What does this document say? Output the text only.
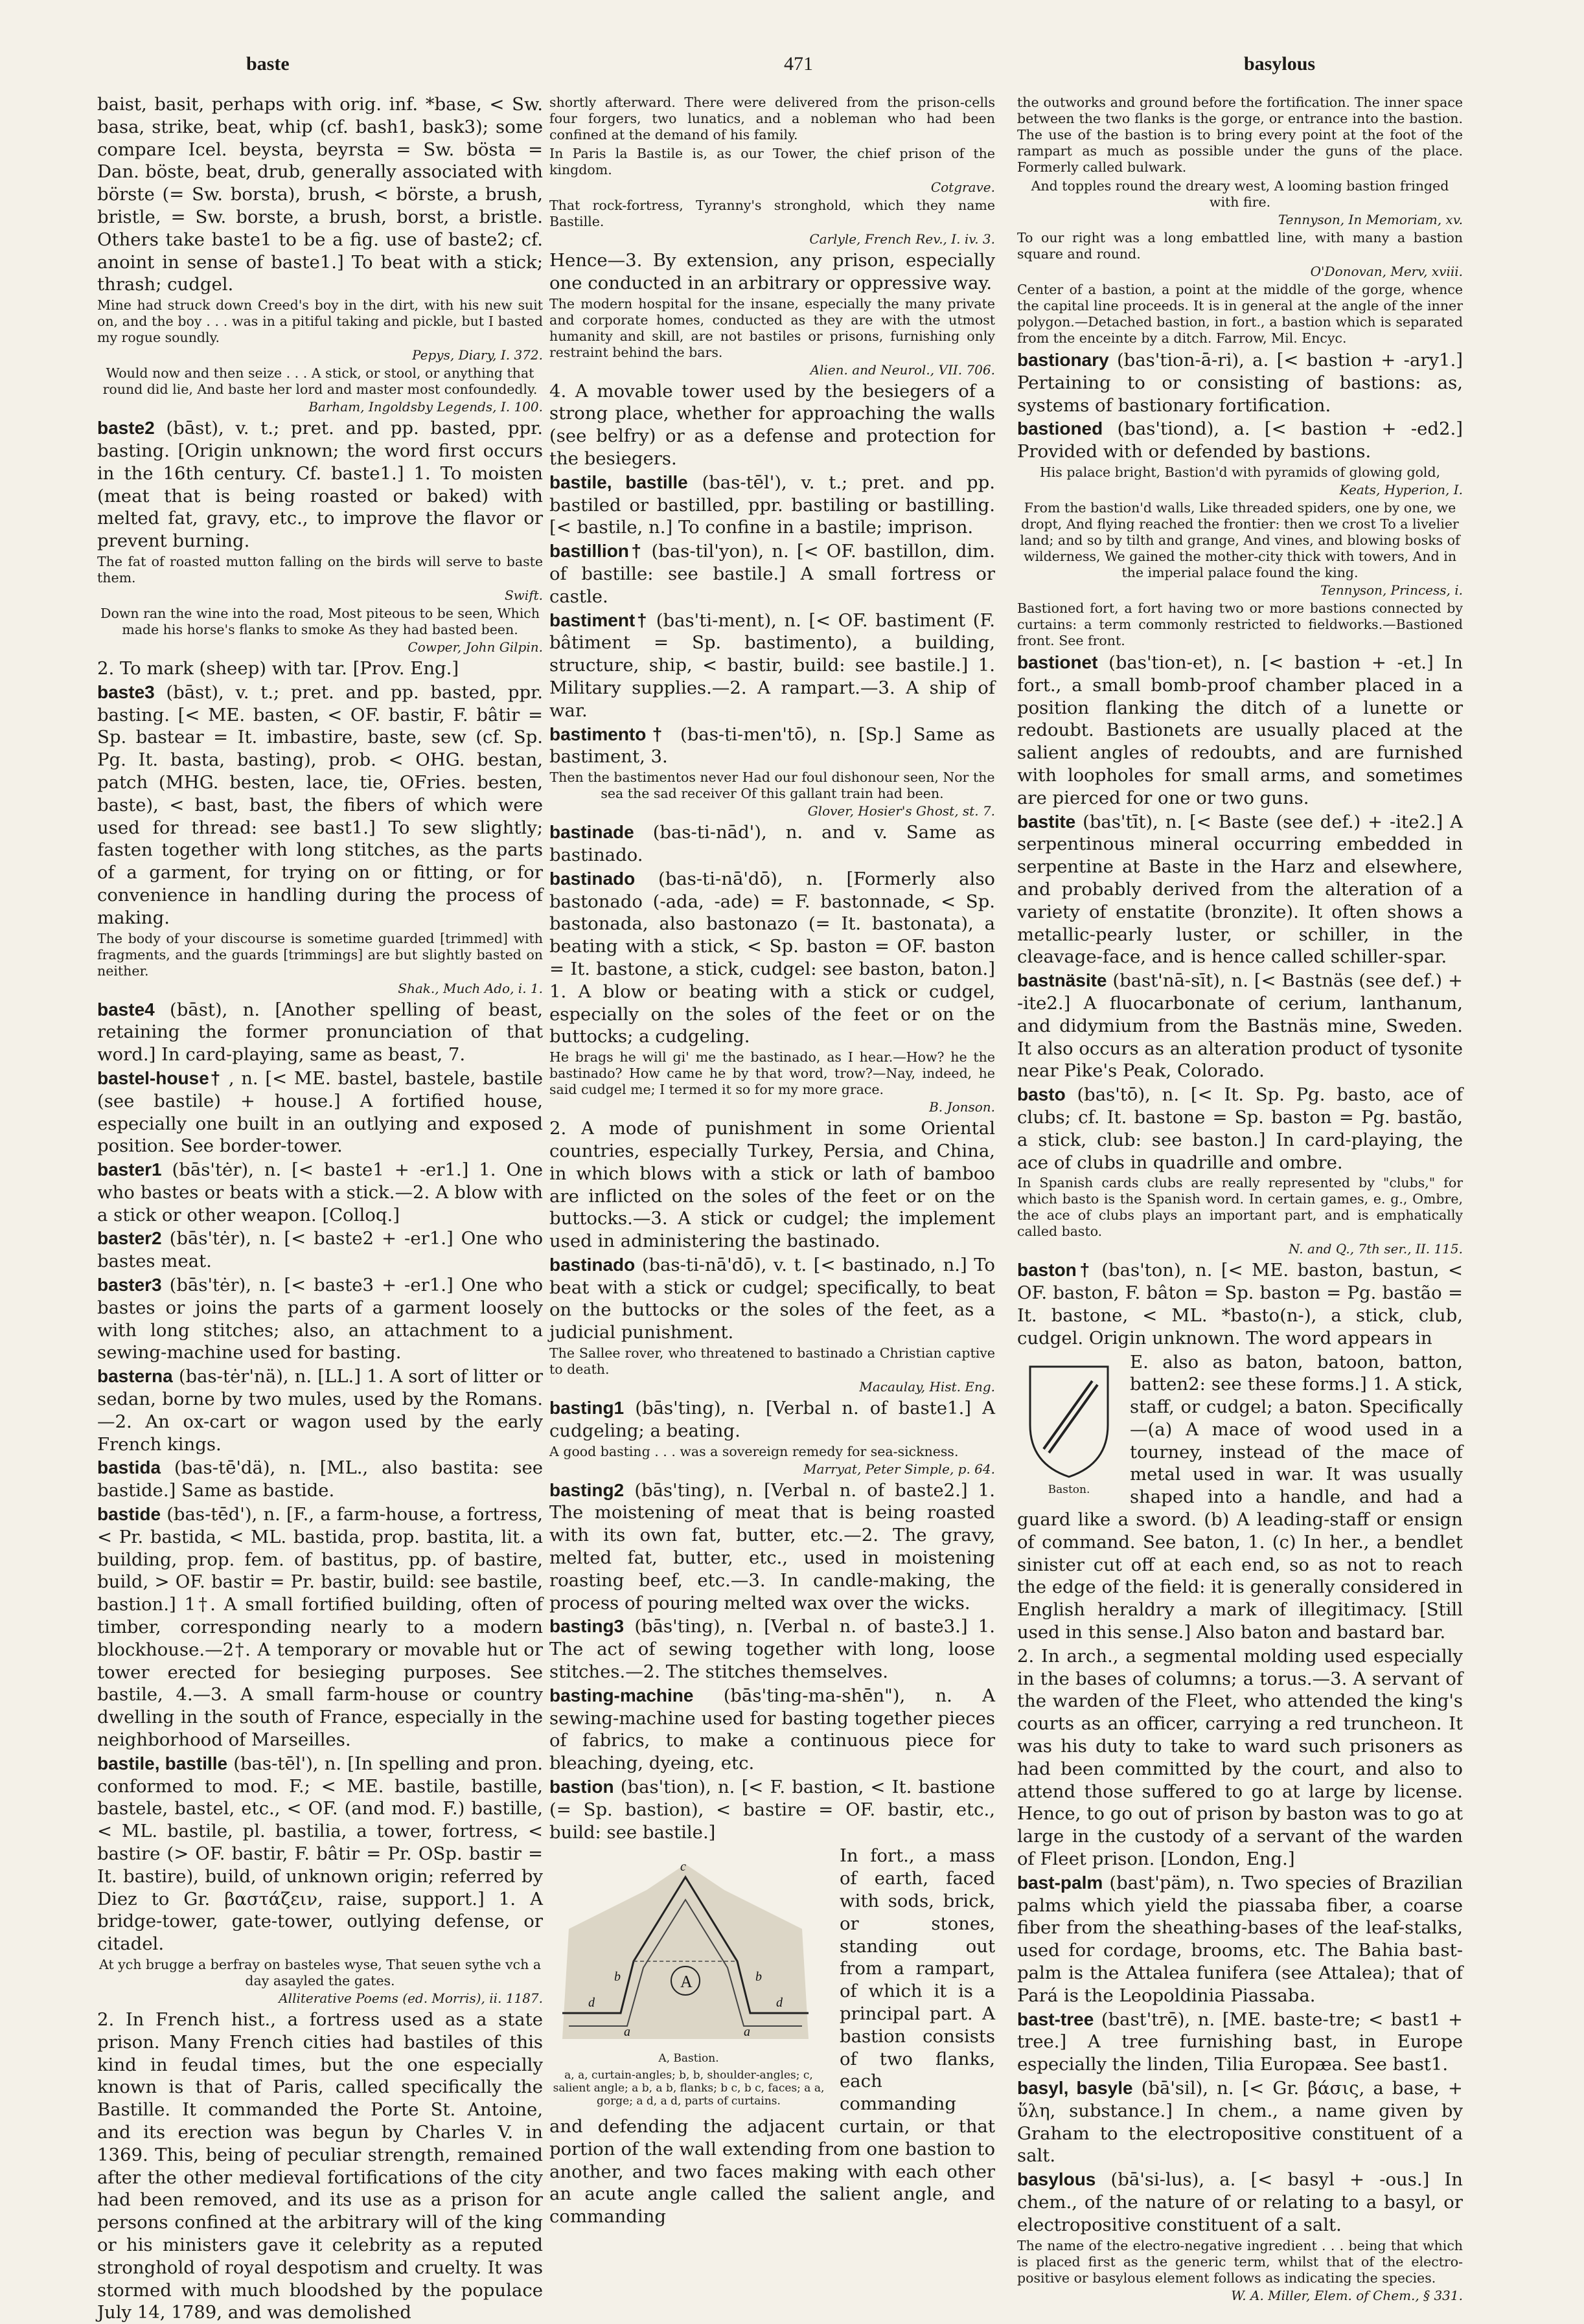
baste	471	basylous

baist, basit, perhaps with orig. inf. *base, < Sw. basa, strike, beat, whip (cf. bash1, bask3); some compare Icel. beysta, beyrsta = Sw. bösta = Dan. böste, beat, drub, generally associated with börste (= Sw. borsta), brush, < börste, a brush, bristle, = Sw. borste, a brush, borst, a bristle. Others take baste1 to be a fig. use of baste2; cf. anoint in sense of baste1.] To beat with a stick; thrash; cudgel.

Mine had struck down Creed's boy in the dirt, with his new suit on, and the boy . . . was in a pitiful taking and pickle, but I basted my rogue soundly.

Pepys, Diary, I. 372.

Would now and then seize . . . A stick, or stool, or anything that round did lie, And baste her lord and master most confoundedly.

Barham, Ingoldsby Legends, I. 100.

baste2 (bāst), v. t.; pret. and pp. basted, ppr. basting. [Origin unknown; the word first occurs in the 16th century. Cf. baste1.] 1. To moisten (meat that is being roasted or baked) with melted fat, gravy, etc., to improve the flavor or prevent burning.

The fat of roasted mutton falling on the birds will serve to baste them.

Swift.

Down ran the wine into the road, Most piteous to be seen, Which made his horse's flanks to smoke As they had basted been.

Cowper, John Gilpin.

2. To mark (sheep) with tar. [Prov. Eng.]

baste3 (bāst), v. t.; pret. and pp. basted, ppr. basting. [< ME. basten, < OF. bastir, F. bâtir = Sp. bastear = It. imbastire, baste, sew (cf. Sp. Pg. It. basta, basting), prob. < OHG. bestan, patch (MHG. besten, lace, tie, OFries. besten, baste), < bast, bast, the fibers of which were used for thread: see bast1.] To sew slightly; fasten together with long stitches, as the parts of a garment, for trying on or fitting, or for convenience in handling during the process of making.

The body of your discourse is sometime guarded [trimmed] with fragments, and the guards [trimmings] are but slightly basted on neither.

Shak., Much Ado, i. 1.

baste4 (bāst), n. [Another spelling of beast, retaining the former pronunciation of that word.] In card-playing, same as beast, 7.

bastel-house† , n. [< ME. bastel, bastele, bastile (see bastile) + house.] A fortified house, especially one built in an outlying and exposed position. See border-tower.

baster1 (bās'tėr), n. [< baste1 + -er1.] 1. One who bastes or beats with a stick.—2. A blow with a stick or other weapon. [Colloq.]

baster2 (bās'tėr), n. [< baste2 + -er1.] One who bastes meat.

baster3 (bās'tėr), n. [< baste3 + -er1.] One who bastes or joins the parts of a garment loosely with long stitches; also, an attachment to a sewing-machine used for basting.

basterna (bas-tėr'nä), n. [LL.] 1. A sort of litter or sedan, borne by two mules, used by the Romans.—2. An ox-cart or wagon used by the early French kings.

bastida (bas-tē'dä), n. [ML., also bastita: see bastide.] Same as bastide.

bastide (bas-tēd'), n. [F., a farm-house, a fortress, < Pr. bastida, < ML. bastida, prop. bastita, lit. a building, prop. fem. of bastitus, pp. of bastire, build, > OF. bastir = Pr. bastir, build: see bastile, bastion.] 1†. A small fortified building, often of timber, corresponding nearly to a modern blockhouse.—2†. A temporary or movable hut or tower erected for besieging purposes. See bastile, 4.—3. A small farm-house or country dwelling in the south of France, especially in the neighborhood of Marseilles.

bastile, bastille (bas-tēl'), n. [In spelling and pron. conformed to mod. F.; < ME. bastile, bastille, bastele, bastel, etc., < OF. (and mod. F.) bastille, < ML. bastile, pl. bastilia, a tower, fortress, < bastire (> OF. bastir, F. bâtir = Pr. OSp. bastir = It. bastire), build, of unknown origin; referred by Diez to Gr. βαστάζειν, raise, support.] 1. A bridge-tower, gate-tower, outlying defense, or citadel.

At ych brugge a berfray on basteles wyse, That seuen sythe vch a day asayled the gates.

Alliterative Poems (ed. Morris), ii. 1187.

2. In French hist., a fortress used as a state prison. Many French cities had bastiles of this kind in feudal times, but the one especially known is that of Paris, called specifically the Bastille. It commanded the Porte St. Antoine, and its erection was begun by Charles V. in 1369. This, being of peculiar strength, remained after the other medieval fortifications of the city had been removed, and its use as a prison for persons confined at the arbitrary will of the king or his ministers gave it celebrity as a reputed stronghold of royal despotism and cruelty. It was stormed with much bloodshed by the populace July 14, 1789, and was demolished

shortly afterward. There were delivered from the prison-cells four forgers, two lunatics, and a nobleman who had been confined at the demand of his family.

In Paris la Bastile is, as our Tower, the chief prison of the kingdom.

Cotgrave.

That rock-fortress, Tyranny's stronghold, which they name Bastille.

Carlyle, French Rev., I. iv. 3.

Hence—3. By extension, any prison, especially one conducted in an arbitrary or oppressive way.

The modern hospital for the insane, especially the many private and corporate homes, conducted as they are with the utmost humanity and skill, are not bastiles or prisons, furnishing only restraint behind the bars.

Alien. and Neurol., VII. 706.

4. A movable tower used by the besiegers of a strong place, whether for approaching the walls (see belfry) or as a defense and protection for the besiegers.

bastile, bastille (bas-tēl'), v. t.; pret. and pp. bastiled or bastilled, ppr. bastiling or bastilling. [< bastile, n.] To confine in a bastile; imprison.

bastillion† (bas-til'yon), n. [< OF. bastillon, dim. of bastille: see bastile.] A small fortress or castle.

bastiment† (bas'ti-ment), n. [< OF. bastiment (F. bâtiment = Sp. bastimento), a building, structure, ship, < bastir, build: see bastile.] 1. Military supplies.—2. A rampart.—3. A ship of war.

bastimento† (bas-ti-men'tō), n. [Sp.] Same as bastiment, 3.

Then the bastimentos never Had our foul dishonour seen, Nor the sea the sad receiver Of this gallant train had been.

Glover, Hosier's Ghost, st. 7.

bastinade (bas-ti-nād'), n. and v. Same as bastinado.

bastinado (bas-ti-nā'dō), n. [Formerly also bastonado (-ada, -ade) = F. bastonnade, < Sp. bastonada, also bastonazo (= It. bastonata), a beating with a stick, < Sp. baston = OF. baston = It. bastone, a stick, cudgel: see baston, baton.] 1. A blow or beating with a stick or cudgel, especially on the soles of the feet or on the buttocks; a cudgeling.

He brags he will gi' me the bastinado, as I hear.—How? he the bastinado? How came he by that word, trow?—Nay, indeed, he said cudgel me; I termed it so for my more grace.

B. Jonson.

2. A mode of punishment in some Oriental countries, especially Turkey, Persia, and China, in which blows with a stick or lath of bamboo are inflicted on the soles of the feet or on the buttocks.—3. A stick or cudgel; the implement used in administering the bastinado.

bastinado (bas-ti-nā'dō), v. t. [< bastinado, n.] To beat with a stick or cudgel; specifically, to beat on the buttocks or the soles of the feet, as a judicial punishment.

The Sallee rover, who threatened to bastinado a Christian captive to death.

Macaulay, Hist. Eng.

basting1 (bās'ting), n. [Verbal n. of baste1.] A cudgeling; a beating.

A good basting . . . was a sovereign remedy for sea-sickness.

Marryat, Peter Simple, p. 64.

basting2 (bās'ting), n. [Verbal n. of baste2.] 1. The moistening of meat that is being roasted with its own fat, butter, etc.—2. The gravy, melted fat, butter, etc., used in moistening roasting beef, etc.—3. In candle-making, the process of pouring melted wax over the wicks.

basting3 (bās'ting), n. [Verbal n. of baste3.] 1. The act of sewing together with long, loose stitches.—2. The stitches themselves.

basting-machine (bās'ting-ma-shēn"), n. A sewing-machine used for basting together pieces of fabrics, to make a continuous piece for bleaching, dyeing, etc.

bastion (bas'tion), n. [< F. bastion, < It. bastione (= Sp. bastion), < bastire = OF. bastir, etc., build: see bastile.]

A
a	a
b	b
c
d	d
A, Bastion.
a, a, curtain-angles; b, b, shoulder-angles; c, salient angle; a b, a b, flanks; b c, b c, faces; a a, gorge; a d, a d, parts of curtains.

In fort., a mass of earth, faced with sods, brick, or stones, standing out from a rampart, of which it is a principal part. A bastion consists of two flanks, each commanding and defending the adjacent curtain, or that portion of the wall extending from one bastion to another, and two faces making with each other an acute angle called the salient angle, and commanding

the outworks and ground before the fortification. The inner space between the two flanks is the gorge, or entrance into the bastion. The use of the bastion is to bring every point at the foot of the rampart as much as possible under the guns of the place. Formerly called bulwark.

And topples round the dreary west, A looming bastion fringed with fire.

Tennyson, In Memoriam, xv.

To our right was a long embattled line, with many a bastion square and round.

O'Donovan, Merv, xviii.

Center of a bastion, a point at the middle of the gorge, whence the capital line proceeds. It is in general at the angle of the inner polygon.—Detached bastion, in fort., a bastion which is separated from the enceinte by a ditch. Farrow, Mil. Encyc.

bastionary (bas'tion-ā-ri), a. [< bastion + -ary1.] Pertaining to or consisting of bastions: as, systems of bastionary fortification.

bastioned (bas'tiond), a. [< bastion + -ed2.] Provided with or defended by bastions.

His palace bright, Bastion'd with pyramids of glowing gold,

Keats, Hyperion, I.

From the bastion'd walls, Like threaded spiders, one by one, we dropt, And flying reached the frontier: then we crost To a livelier land; and so by tilth and grange, And vines, and blowing bosks of wilderness, We gained the mother-city thick with towers, And in the imperial palace found the king.

Tennyson, Princess, i.

Bastioned fort, a fort having two or more bastions connected by curtains: a term commonly restricted to fieldworks.—Bastioned front. See front.

bastionet (bas'tion-et), n. [< bastion + -et.] In fort., a small bomb-proof chamber placed in a position flanking the ditch of a lunette or redoubt. Bastionets are usually placed at the salient angles of redoubts, and are furnished with loopholes for small arms, and sometimes are pierced for one or two guns.

bastite (bas'tīt), n. [< Baste (see def.) + -ite2.] A serpentinous mineral occurring embedded in serpentine at Baste in the Harz and elsewhere, and probably derived from the alteration of a variety of enstatite (bronzite). It often shows a metallic-pearly luster, or schiller, in the cleavage-face, and is hence called schiller-spar.

bastnäsite (bast'nā-sīt), n. [< Bastnäs (see def.) + -ite2.] A fluocarbonate of cerium, lanthanum, and didymium from the Bastnäs mine, Sweden. It also occurs as an alteration product of tysonite near Pike's Peak, Colorado.

basto (bas'tō), n. [< It. Sp. Pg. basto, ace of clubs; cf. It. bastone = Sp. baston = Pg. bastão, a stick, club: see baston.] In card-playing, the ace of clubs in quadrille and ombre.

In Spanish cards clubs are really represented by "clubs," for which basto is the Spanish word. In certain games, e. g., Ombre, the ace of clubs plays an important part, and is emphatically called basto.

N. and Q., 7th ser., II. 115.

baston† (bas'ton), n. [< ME. baston, bastun, < OF. baston, F. bâton = Sp. baston = Pg. bastão = It. bastone, < ML. *basto(n-), a stick, club, cudgel. Origin unknown. The word appears in

Baston.

E. also as baton, batoon, batton, batten2: see these forms.] 1. A stick, staff, or cudgel; a baton. Specifically—(a) A mace of wood used in a tourney, instead of the mace of metal used in war. It was usually shaped into a handle, and had a guard like a sword. (b) A leading-staff or ensign of command. See baton, 1. (c) In her., a bendlet sinister cut off at each end, so as not to reach the edge of the field: it is generally considered in English heraldry a mark of illegitimacy. [Still used in this sense.] Also baton and bastard bar.

2. In arch., a segmental molding used especially in the bases of columns; a torus.—3. A servant of the warden of the Fleet, who attended the king's courts as an officer, carrying a red truncheon. It was his duty to take to ward such prisoners as had been committed by the court, and also to attend those suffered to go at large by license. Hence, to go out of prison by baston was to go at large in the custody of a servant of the warden of Fleet prison. [London, Eng.]

bast-palm (bast'päm), n. Two species of Brazilian palms which yield the piassaba fiber, a coarse fiber from the sheathing-bases of the leaf-stalks, used for cordage, brooms, etc. The Bahia bast-palm is the Attalea funifera (see Attalea); that of Pará is the Leopoldinia Piassaba.

bast-tree (bast'trē), n. [ME. baste-tre; < bast1 + tree.] A tree furnishing bast, in Europe especially the linden, Tilia Europæa. See bast1.

basyl, basyle (bā'sil), n. [< Gr. βάσις, a base, + ὕλη, substance.] In chem., a name given by Graham to the electropositive constituent of a salt.

basylous (bā'si-lus), a. [< basyl + -ous.] In chem., of the nature of or relating to a basyl, or electropositive constituent of a salt.

The name of the electro-negative ingredient . . . being that which is placed first as the generic term, whilst that of the electro-positive or basylous element follows as indicating the species.

W. A. Miller, Elem. of Chem., § 331.
